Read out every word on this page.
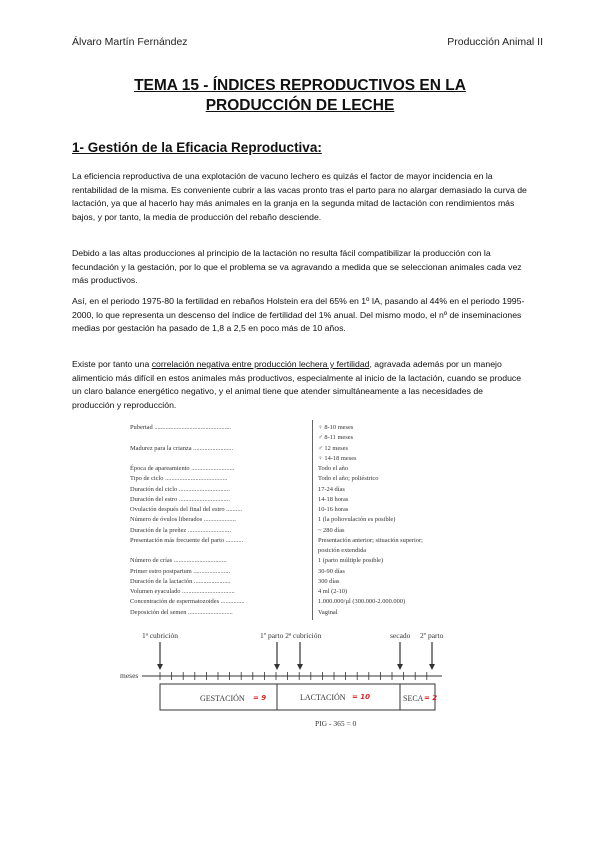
Álvaro Martín Fernández	Producción Animal II
TEMA 15 - ÍNDICES REPRODUCTIVOS EN LA
PRODUCCIÓN DE LECHE
1- Gestión de la Eficacia Reproductiva:

La eficiencia reproductiva de una explotación de vacuno lechero es quizás el factor de mayor incidencia en la rentabilidad de la misma. Es conveniente cubrir a las vacas pronto tras el parto para no alargar demasiado la curva de lactación, ya que al hacerlo hay más animales en la granja en la segunda mitad de lactación con rendimientos más bajos, y por tanto, la media de producción del rebaño desciende.

Debido a las altas producciones al principio de la lactación no resulta fácil compatibilizar la producción con la fecundación y la gestación, por lo que el problema se va agravando a medida que se seleccionan animales cada vez más productivos.

Así, en el periodo 1975-80 la fertilidad en rebaños Holstein era del 65% en 1º IA, pasando al 44% en el periodo 1995- 2000, lo que representa un descenso del índice de fertilidad del 1% anual. Del mismo modo, el nº de inseminaciones medias por gestación ha pasado de 1,8 a 2,5 en poco más de 10 años.

Existe por tanto una correlación negativa entre producción lechera y fertilidad, agravada además por un manejo alimenticio más difícil en estos animales más productivos, especialmente al inicio de la lactación, cuando se produce un claro balance energético negativo, y el animal tiene que atender simultáneamente a las necesidades de producción y reproducción.

Pubertad ................................................	♀ 8-10 meses
♂ 8-11 meses
Madurez para la crianza .........................	♂ 12 meses
♀ 14-18 meses
Época de apareamiento ...........................	Todo el año
Tipo de ciclo .......................................	Todo el año; poliéstrico
Duración del ciclo ................................	17-24 días
Duración del estro ................................	14-18 horas
Ovulación después del final del estro ..........	10-16 horas
Número de óvulos liberados ....................	1 (la poliovulación es posible)
Duración de la preñez ...........................	~ 280 días
Presentación más frecuente del parto ...........	Presentación anterior; situación superior;
posición extendida
Número de crías .................................	1 (parto múltiple posible)
Primer estro postpartum .......................	30-90 días
Duración de la lactación .......................	300 días
Volumen eyaculado .................................	4 ml (2-10)
Concentración de espermatozoides ...............	1.000.000/µl (300.000-2.000.000)
Deposición del semen ............................	Vaginal
1ª cubrición	1º parto 2ª cubrición	secado 2º parto
meses
GESTACIÓN = 9	LACTACIÓN = 10	SECA = 2
PIG - 365 = 0
